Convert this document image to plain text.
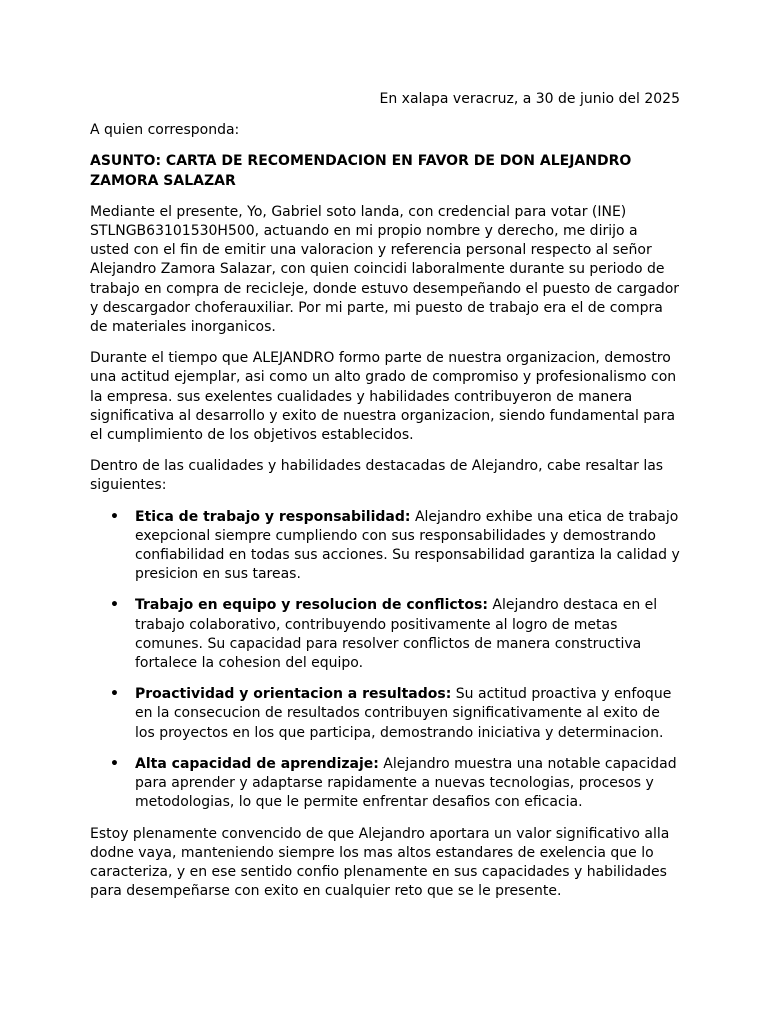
En xalapa veracruz, a 30 de junio del 2025

A quien corresponda:

ASUNTO: CARTA DE RECOMENDACION EN FAVOR DE DON ALEJANDRO ZAMORA SALAZAR

Mediante el presente, Yo, Gabriel soto landa, con credencial para votar (INE) STLNGB63101530H500, actuando en mi propio nombre y derecho, me dirijo a usted con el fin de emitir una valoracion y referencia personal respecto al señor Alejandro Zamora Salazar, con quien coincidi laboralmente durante su periodo de trabajo en compra de recicleje, donde estuvo desempeñando el puesto de cargador y descargador choferauxiliar. Por mi parte, mi puesto de trabajo era el de compra de materiales inorganicos.

Durante el tiempo que ALEJANDRO formo parte de nuestra organizacion, demostro una actitud ejemplar, asi como un alto grado de compromiso y profesionalismo con la empresa. sus exelentes cualidades y habilidades contribuyeron de manera significativa al desarrollo y exito de nuestra organizacion, siendo fundamental para el cumplimiento de los objetivos establecidos.

Dentro de las cualidades y habilidades destacadas de Alejandro, cabe resaltar las siguientes:

• Etica de trabajo y responsabilidad: Alejandro exhibe una etica de trabajo exepcional siempre cumpliendo con sus responsabilidades y demostrando confiabilidad en todas sus acciones. Su responsabilidad garantiza la calidad y presicion en sus tareas.
• Trabajo en equipo y resolucion de conflictos: Alejandro destaca en el trabajo colaborativo, contribuyendo positivamente al logro de metas comunes. Su capacidad para resolver conflictos de manera constructiva fortalece la cohesion del equipo.
• Proactividad y orientacion a resultados: Su actitud proactiva y enfoque en la consecucion de resultados contribuyen significativamente al exito de los proyectos en los que participa, demostrando iniciativa y determinacion.
• Alta capacidad de aprendizaje: Alejandro muestra una notable capacidad para aprender y adaptarse rapidamente a nuevas tecnologias, procesos y metodologias, lo que le permite enfrentar desafios con eficacia.

Estoy plenamente convencido de que Alejandro aportara un valor significativo alla dodne vaya, manteniendo siempre los mas altos estandares de exelencia que lo caracteriza, y en ese sentido confio plenamente en sus capacidades y habilidades para desempeñarse con exito en cualquier reto que se le presente.
